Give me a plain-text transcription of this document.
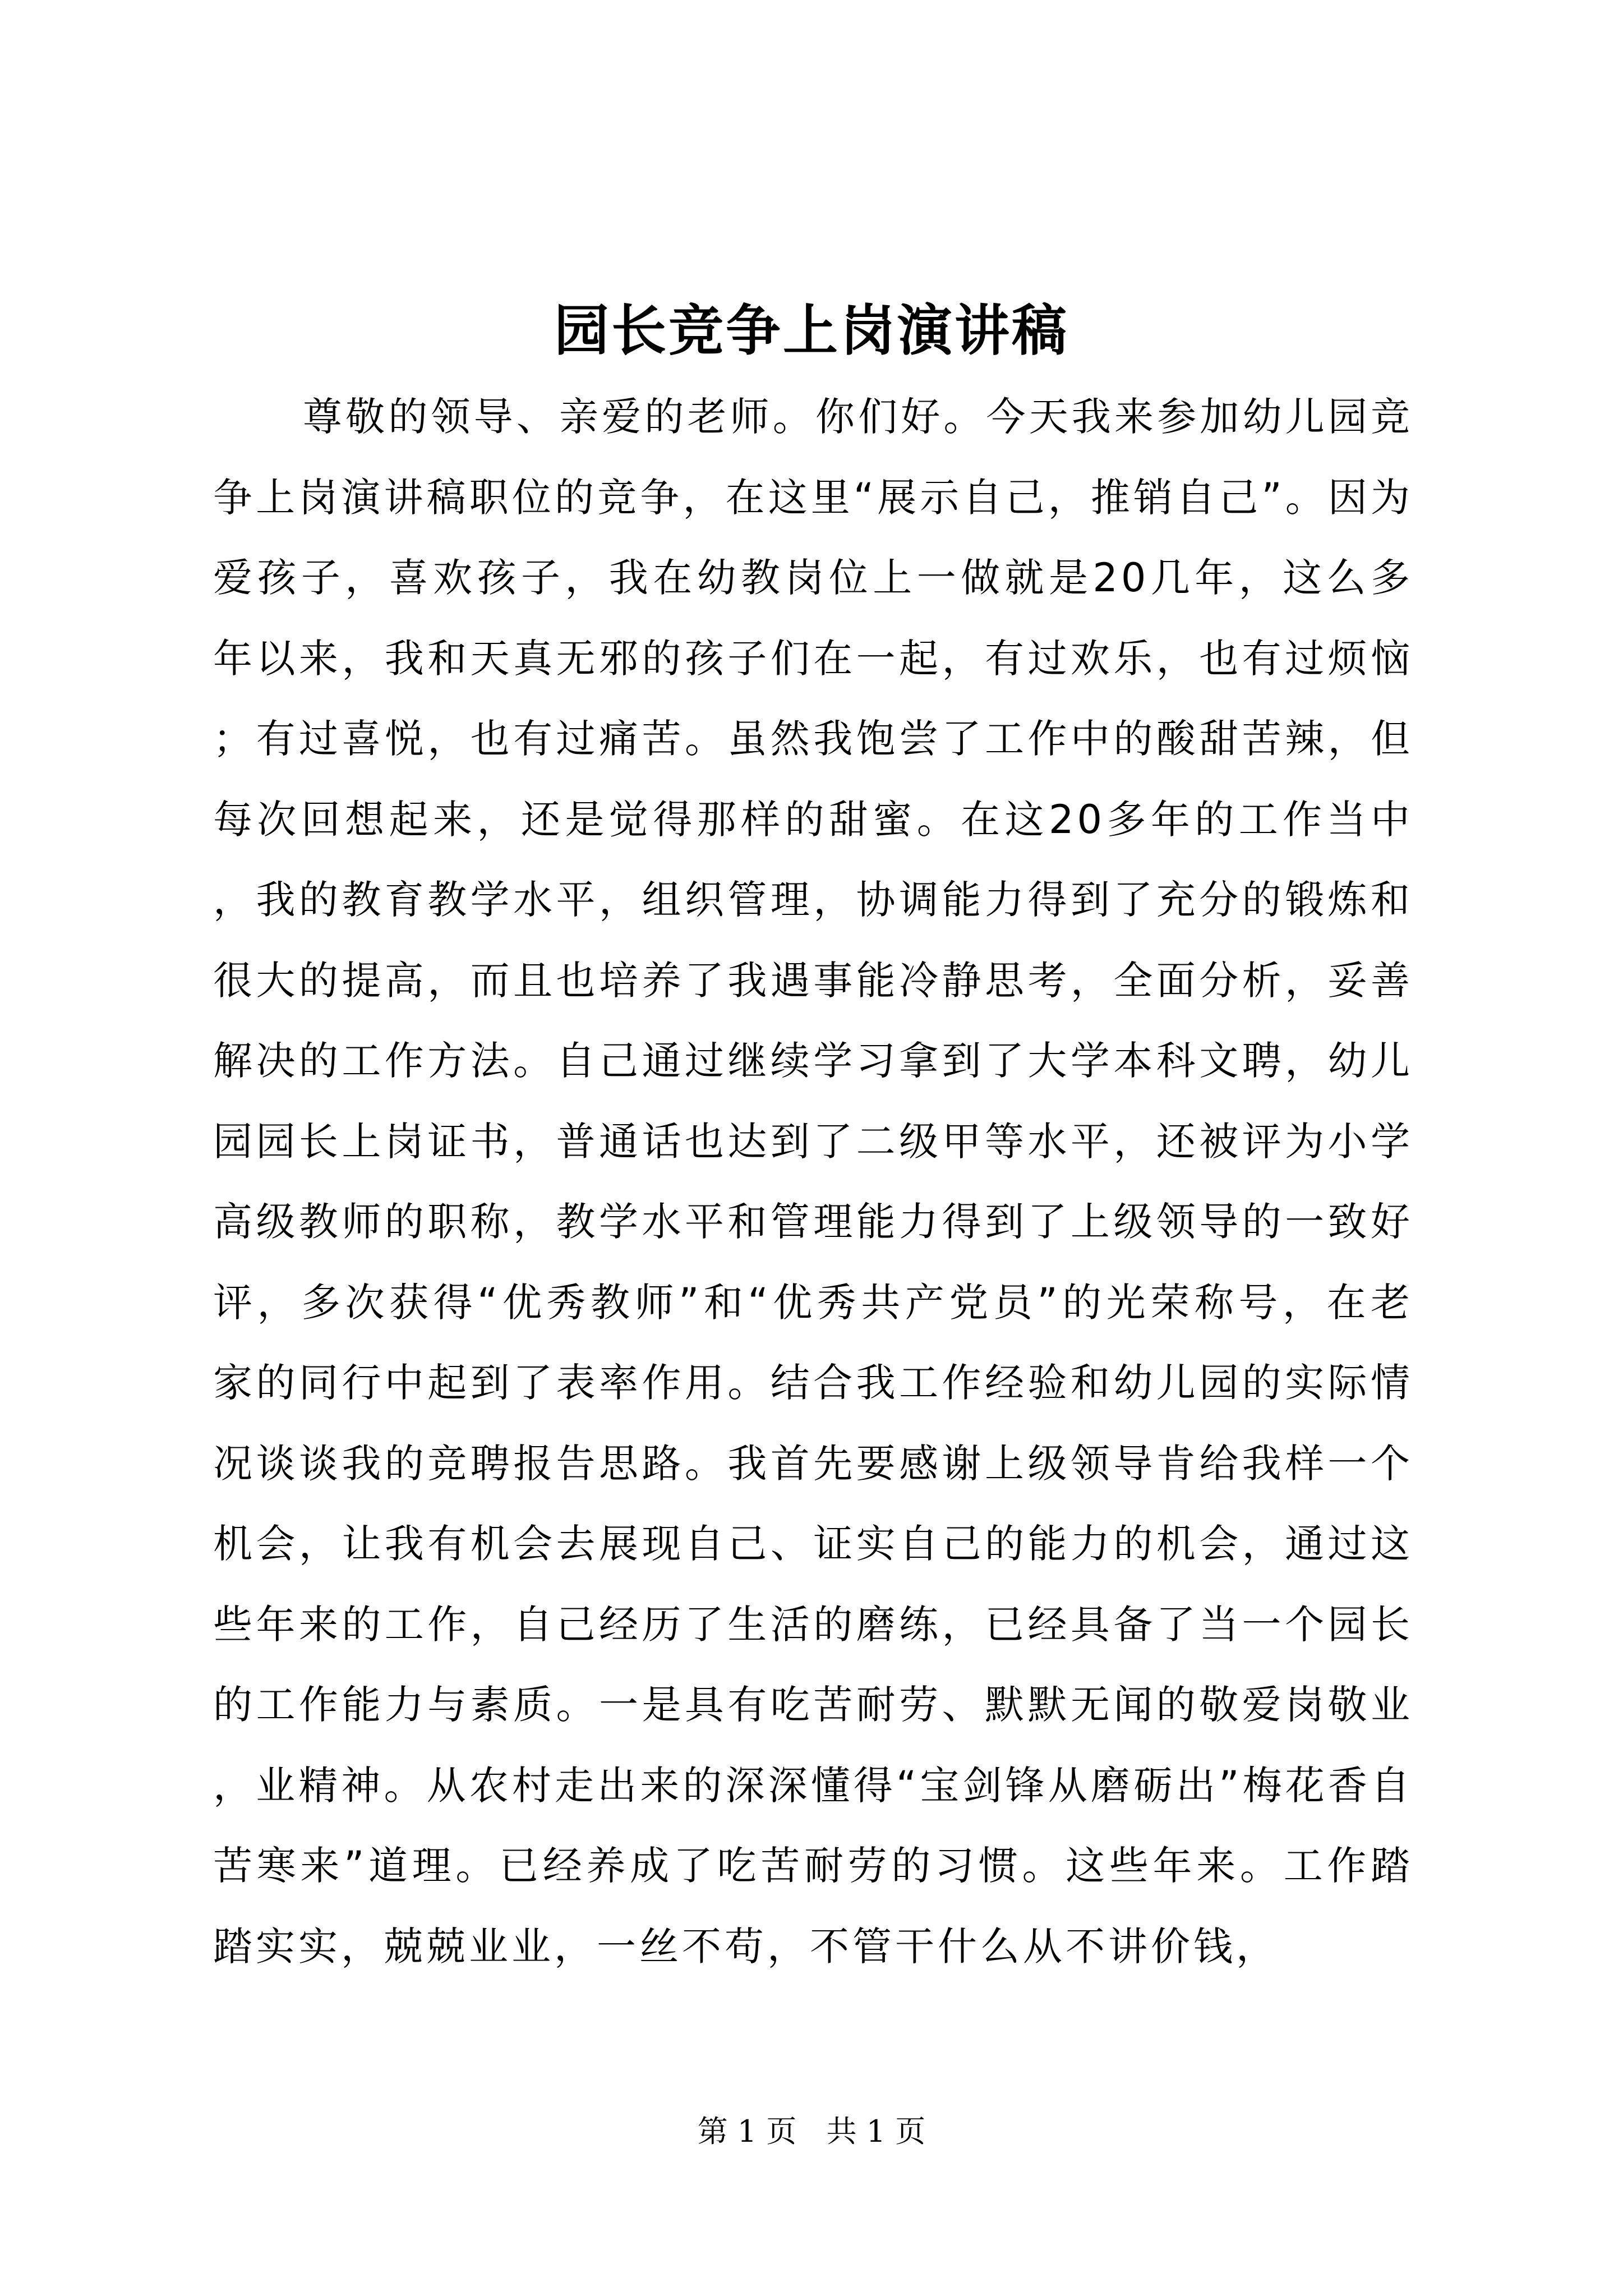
园长竞争上岗演讲稿

尊敬的领导、亲爱的老师。你们好。今天我来参加幼儿园竞争上岗演讲稿职位的竞争，在这里“展示自己，推销自己”。因为爱孩子，喜欢孩子，我在幼教岗位上一做就是20几年，这么多年以来，我和天真无邪的孩子们在一起，有过欢乐，也有过烦恼；有过喜悦，也有过痛苦。虽然我饱尝了工作中的酸甜苦辣，但每次回想起来，还是觉得那样的甜蜜。在这20多年的工作当中，我的教育教学水平，组织管理，协调能力得到了充分的锻炼和很大的提高，而且也培养了我遇事能冷静思考，全面分析，妥善解决的工作方法。自己通过继续学习拿到了大学本科文聘，幼儿园园长上岗证书，普通话也达到了二级甲等水平，还被评为小学高级教师的职称，教学水平和管理能力得到了上级领导的一致好评，多次获得“优秀教师”和“优秀共产党员”的光荣称号，在老家的同行中起到了表率作用。结合我工作经验和幼儿园的实际情况谈谈我的竞聘报告思路。我首先要感谢上级领导肯给我样一个机会，让我有机会去展现自己、证实自己的能力的机会，通过这些年来的工作，自己经历了生活的磨练，已经具备了当一个园长的工作能力与素质。一是具有吃苦耐劳、默默无闻的敬爱岗敬业，业精神。从农村走出来的深深懂得“宝剑锋从磨砺出”梅花香自苦寒来”道理。已经养成了吃苦耐劳的习惯。这些年来。工作踏踏实实，兢兢业业，一丝不苟，不管干什么从不讲价钱，

第 1 页 共 1 页
